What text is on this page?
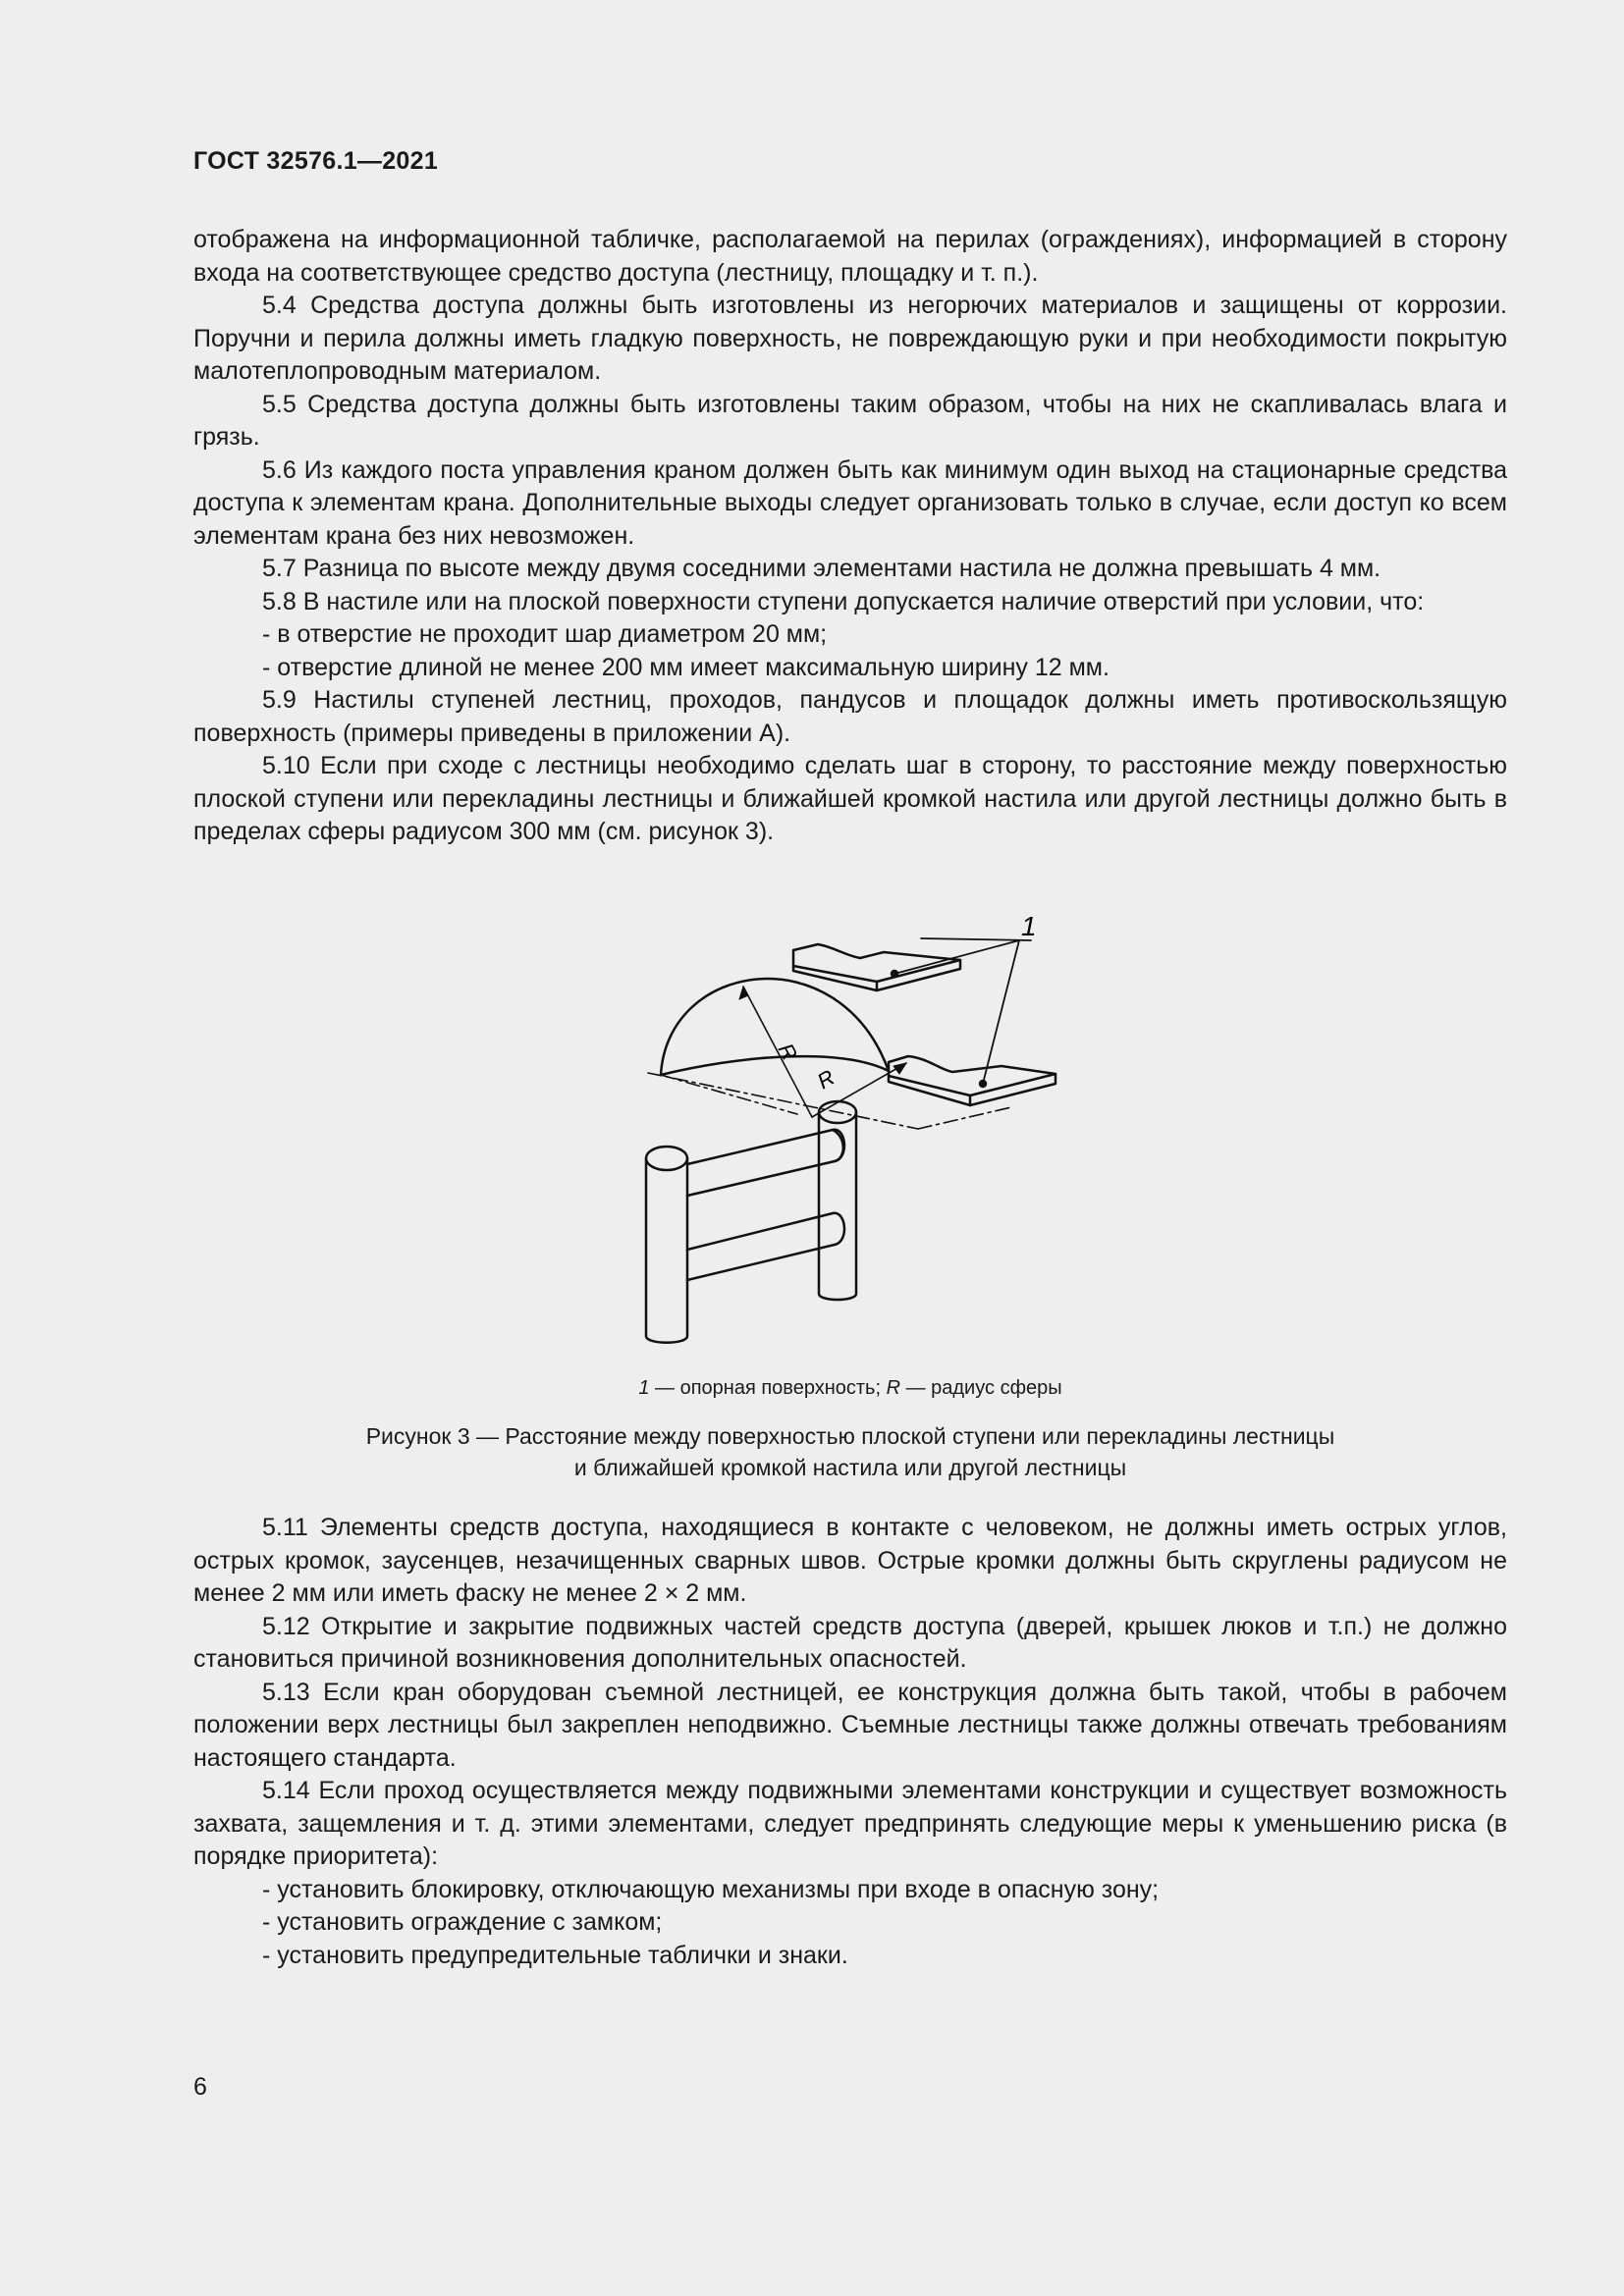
ГОСТ 32576.1—2021

отображена на информационной табличке, располагаемой на перилах (ограждениях), информацией в сторону входа на соответствующее средство доступа (лестницу, площадку и т. п.).

5.4 Средства доступа должны быть изготовлены из негорючих материалов и защищены от коррозии. Поручни и перила должны иметь гладкую поверхность, не повреждающую руки и при необходимости покрытую малотеплопроводным материалом.

5.5 Средства доступа должны быть изготовлены таким образом, чтобы на них не скапливалась влага и грязь.

5.6 Из каждого поста управления краном должен быть как минимум один выход на стационарные средства доступа к элементам крана. Дополнительные выходы следует организовать только в случае, если доступ ко всем элементам крана без них невозможен.

5.7 Разница по высоте между двумя соседними элементами настила не должна превышать 4 мм.

5.8 В настиле или на плоской поверхности ступени допускается наличие отверстий при условии, что:

- в отверстие не проходит шар диаметром 20 мм;

- отверстие длиной не менее 200 мм имеет максимальную ширину 12 мм.

5.9 Настилы ступеней лестниц, проходов, пандусов и площадок должны иметь противоскользящую поверхность (примеры приведены в приложении А).

5.10 Если при сходе с лестницы необходимо сделать шаг в сторону, то расстояние между поверхностью плоской ступени или перекладины лестницы и ближайшей кромкой настила или другой лестницы должно быть в пределах сферы радиусом 300 мм (см. рисунок 3).

1
R
R
1 — опорная поверхность; R — радиус сферы
Рисунок 3 — Расстояние между поверхностью плоской ступени или перекладины лестницы
и ближайшей кромкой настила или другой лестницы

5.11 Элементы средств доступа, находящиеся в контакте с человеком, не должны иметь острых углов, острых кромок, заусенцев, незачищенных сварных швов. Острые кромки должны быть скруглены радиусом не менее 2 мм или иметь фаску не менее 2 × 2 мм.

5.12 Открытие и закрытие подвижных частей средств доступа (дверей, крышек люков и т.п.) не должно становиться причиной возникновения дополнительных опасностей.

5.13 Если кран оборудован съемной лестницей, ее конструкция должна быть такой, чтобы в рабочем положении верх лестницы был закреплен неподвижно. Съемные лестницы также должны отвечать требованиям настоящего стандарта.

5.14 Если проход осуществляется между подвижными элементами конструкции и существует возможность захвата, защемления и т. д. этими элементами, следует предпринять следующие меры к уменьшению риска (в порядке приоритета):

- установить блокировку, отключающую механизмы при входе в опасную зону;

- установить ограждение с замком;

- установить предупредительные таблички и знаки.

6
